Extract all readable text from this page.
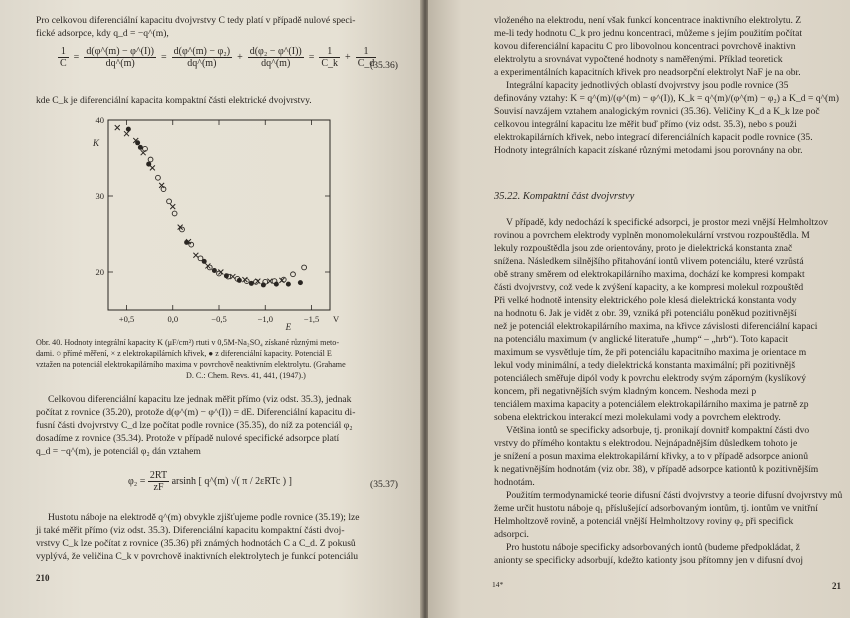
Pro celkovou diferenciální kapacitu dvojvrstvy C tedy platí v případě nulové speci-
fické adsorpce, kdy q_d = −q^(m),
$\frac{1}{C} = \frac{d(\varphi\^{}(m) - \varphi\^{}(I))}{dq\^{}(m)} = \frac{\text{d(φ\textasciicircum{}(m) − φ₂)}}{dq\^{}(m)} + \frac{\text{d(φ₂ − φ\textasciicircum{}(I))}}{dq\^{}(m)} = \frac{1}{C\_k} + \frac{1}{C\_d}$
(35.36)
kde C_k je diferenciální kapacita kompaktní části elektrické dvojvrstvy.
+0,5	0,0	−0,5	−1,0	−1,5
40
30
20
K
E
V
Obr. 40. Hodnoty integrální kapacity K (μF/cm²) rtuti v 0,5M-Na₂SO₄ získané různými meto-
dami. ○ přímé měření, × z elektrokapilárních křivek, ● z diferenciální kapacity. Potenciál E
vztažen na potenciál elektrokapilárního maxima v povrchově neaktivním elektrolytu. (Grahame
D. C.: Chem. Revs. 41, 441, (1947).)
Celkovou diferenciální kapacitu lze jednak měřit přímo (viz odst. 35.3), jednak
počítat z rovnice (35.20), protože d(φ^(m) − φ^(I)) = dE. Diferenciální kapacitu di-
fusní části dvojvrstvy C_d lze počítat podle rovnice (35.35), do níž za potenciál φ₂
dosadíme z rovnice (35.34). Protože v případě nulové specifické adsorpce platí
q_d = −q^(m), je potenciál φ₂ dán vztahem
$\varphi_2 = \frac{2RT}{zF}$ arsinh [ q^(m) √( π / 2εRTc ) ]	(35.37)
Hustotu náboje na elektrodě q^(m) obvykle zjišťujeme podle rovnice (35.19); lze
ji také měřit přímo (viz odst. 35.3). Diferenciální kapacitu kompaktní části dvoj-
vrstvy C_k lze počítat z rovnice (35.36) při známých hodnotách C a C_d. Z pokusů
vyplývá, že veličina C_k v povrchově inaktivních elektrolytech je funkcí potenciálu
210
vloženého na elektrodu, není však funkcí koncentrace inaktivního elektrolytu. Z
me-li tedy hodnotu C_k pro jednu koncentraci, můžeme s jejím použitím počítat
kovou diferenciální kapacitu C pro libovolnou koncentraci povrchově inaktivn
elektrolytu a srovnávat vypočtené hodnoty s naměřenými. Příklad teoretick
a experimentálních kapacitních křivek pro neadsorpční elektrolyt NaF je na obr.
Integrální kapacity jednotlivých oblastí dvojvrstvy jsou podle rovnice (35
definovány vztahy: K = q^(m)/(φ^(m) − φ^(I)), K_k = q^(m)/(φ^(m) − φ₂) a K_d = q^(m)
Souvisí navzájem vztahem analogickým rovnici (35.36). Veličiny K_d a K_k lze poč
celkovou integrální kapacitu lze měřit buď přímo (viz odst. 35.3), nebo s použi
elektrokapilárních křivek, nebo integrací diferenciálních kapacit podle rovnice (35.
Hodnoty integrálních kapacit získané různými metodami jsou porovnány na obr.
35.22. Kompaktní část dvojvrstvy
V případě, kdy nedochází k specifické adsorpci, je prostor mezi vnější Helmholtzov
rovinou a povrchem elektrody vyplněn monomolekulární vrstvou rozpouštědla. M
lekuly rozpouštědla jsou zde orientovány, proto je dielektrická konstanta znač
snížena. Následkem silnějšího přitahování iontů vlivem potenciálu, které vzrůstá
obě strany směrem od elektrokapilárního maxima, dochází ke kompresi kompakt
části dvojvrstvy, což vede k zvýšení kapacity, a ke kompresi molekul rozpouštěd
Při velké hodnotě intensity elektrického pole klesá dielektrická konstanta vody
na hodnotu 6. Jak je vidět z obr. 39, vzniká při potenciálu poněkud pozitivnější
než je potenciál elektrokapilárního maxima, na křivce závislosti diferenciální kapaci
na potenciálu maximum (v anglické literatuře „hump“ – „hrb“). Toto kapacit
maximum se vysvětluje tím, že při potenciálu kapacitního maxima je orientace m
lekul vody minimální, a tedy dielektrická konstanta maximální; při pozitivnějš
potenciálech směřuje dipól vody k povrchu elektrody svým záporným (kyslíkový
koncem, při negativnějších svým kladným koncem. Neshoda mezi p
tenciálem maxima kapacity a potenciálem elektrokapilárního maxima je patrně zp
sobena elektrickou interakcí mezi molekulami vody a povrchem elektrody.
Většina iontů se specificky adsorbuje, tj. pronikají dovnitř kompaktní části dvo
vrstvy do přímého kontaktu s elektrodou. Nejnápadnějším důsledkem tohoto je
je snížení a posun maxima elektrokapilární křivky, a to v případě adsorpce anionů
k negativnějším hodnotám (viz obr. 38), v případě adsorpce kationtů k pozitivnějším
hodnotám.
Použitím termodynamické teorie difusní části dvojvrstvy a teorie difusní dvojvrstvy mů
žeme určit hustotu náboje q₁ příslušející adsorbovaným iontům, tj. iontům ve vnitřní
Helmholtzově rovině, a potenciál vnější Helmholtzovy roviny φ₂ při specifick
adsorpci.
Pro hustotu náboje specificky adsorbovaných iontů (budeme předpokládat, ž
anionty se specificky adsorbují, kdežto kationty jsou přítomny jen v difusní dvoj
14*	21
